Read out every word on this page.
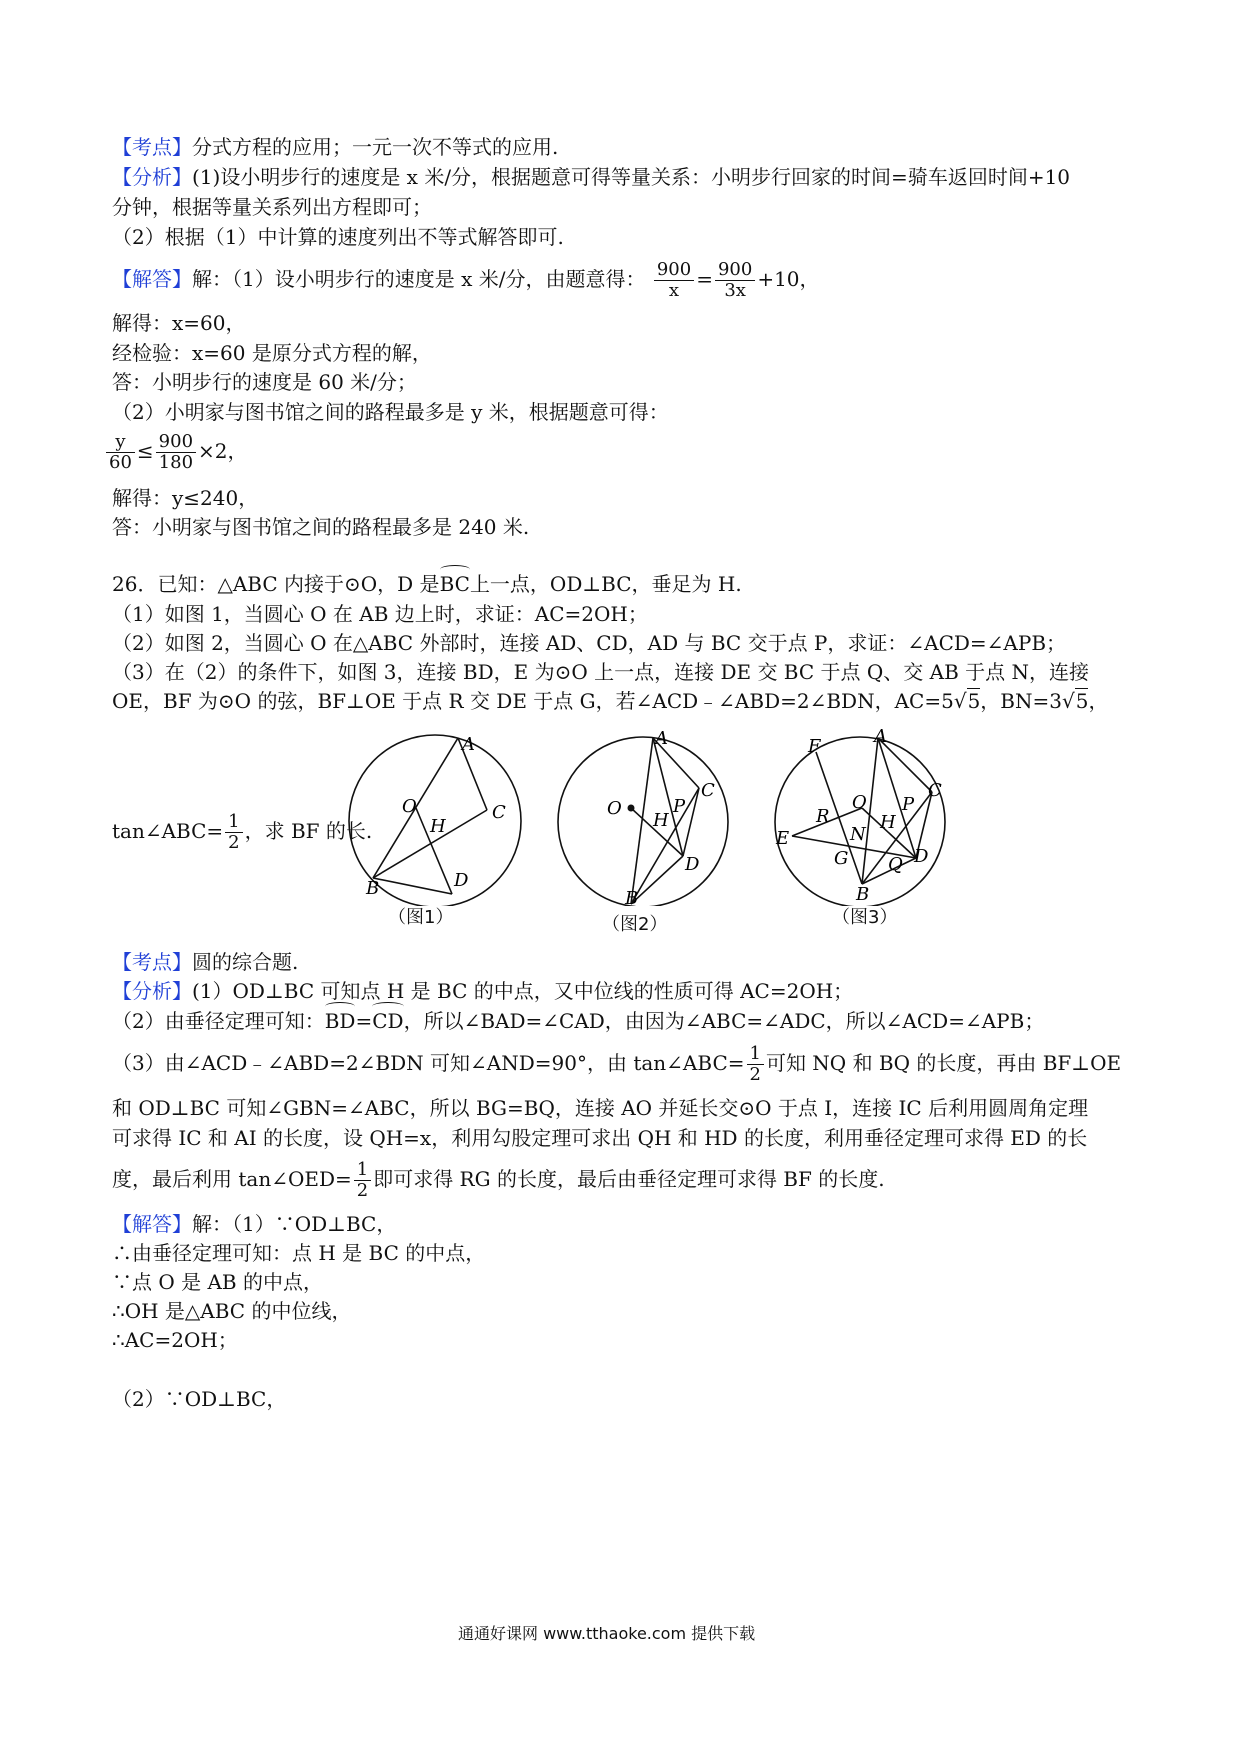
【考点】分式方程的应用；一元一次不等式的应用.
【分析】(1)设小明步行的速度是 x 米/分，根据题意可得等量关系：小明步行回家的时间=骑车返回时间+10
分钟，根据等量关系列出方程即可；
（2）根据（1）中计算的速度列出不等式解答即可.
【解答】解：（1）设小明步行的速度是 x 米/分，由题意得： $\frac{900}{x} = \frac{900}{3x} +10$，
解得：x=60，
经检验：x=60 是原分式方程的解，
答：小明步行的速度是 60 米/分；
（2）小明家与图书馆之间的路程最多是 y 米，根据题意可得：
$\frac{y}{60} \le \frac{900}{180} \times 2$，
解得：y≤240，
答：小明家与图书馆之间的路程最多是 240 米.
26．已知：△ABC 内接于⊙O，D 是BC上一点，OD⊥BC，垂足为 H.
（1）如图 1，当圆心 O 在 AB 边上时，求证：AC=2OH；
（2）如图 2，当圆心 O 在△ABC 外部时，连接 AD、CD，AD 与 BC 交于点 P，求证：∠ACD=∠APB；
（3）在（2）的条件下，如图 3，连接 BD，E 为⊙O 上一点，连接 DE 交 BC 于点 Q、交 AB 于点 N，连接
OE，BF 为⊙O 的弦，BF⊥OE 于点 R 交 DE 于点 G，若∠ACD﹣∠ABD=2∠BDN，AC=5√5，BN=3√5，
tan∠ABC= $\frac{1}{2}$ ，求 BF 的长.
A
O	C
H
B	D
（图1）
A
O
C
P
H
D
B
（图2）
F	A
C
O P
R	H
E	N
G Q D
B
（图3）
【考点】圆的综合题.
【分析】(1）OD⊥BC 可知点 H 是 BC 的中点，又中位线的性质可得 AC=2OH；
（2）由垂径定理可知：BD=CD，所以∠BAD=∠CAD，由因为∠ABC=∠ADC，所以∠ACD=∠APB；
（3）由∠ACD﹣∠ABD=2∠BDN 可知∠AND=90°，由 tan∠ABC= $\frac{1}{2}$ 可知 NQ 和 BQ 的长度，再由 BF⊥OE
和 OD⊥BC 可知∠GBN=∠ABC，所以 BG=BQ，连接 AO 并延长交⊙O 于点 I，连接 IC 后利用圆周角定理
可求得 IC 和 AI 的长度，设 QH=x，利用勾股定理可求出 QH 和 HD 的长度，利用垂径定理可求得 ED 的长
度，最后利用 tan∠OED= $\frac{1}{2}$ 即可求得 RG 的长度，最后由垂径定理可求得 BF 的长度.
【解答】解：（1）∵OD⊥BC，
∴由垂径定理可知：点 H 是 BC 的中点，
∵点 O 是 AB 的中点，
∴OH 是△ABC 的中位线，
∴AC=2OH；
（2）∵OD⊥BC，
通通好课网 www.tthaoke.com 提供下载
